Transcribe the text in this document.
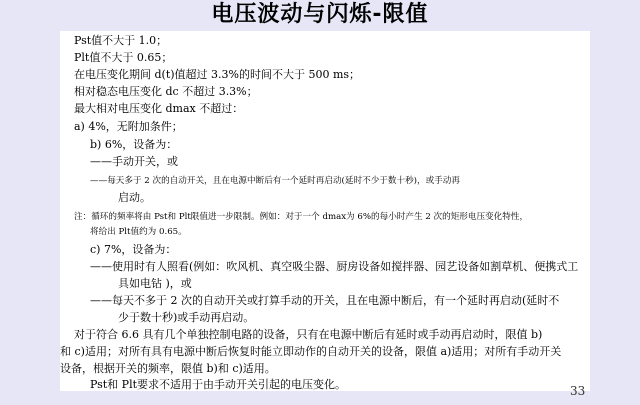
电压波动与闪烁-限值
Pst值不大于 1.0；
Plt值不大于 0.65；
在电压变化期间 d(t)值超过 3.3%的时间不大于 500 ms；
相对稳态电压变化 dc 不超过 3.3%；
最大相对电压变化 dmax 不超过：
a) 4%，无附加条件；
b) 6%，设备为：
——手动开关，或
——每天多于 2 次的自动开关，且在电源中断后有一个延时再启动(延时不少于数十秒)，或手动再
启动。
注：循环的频率将由 Pst和 Plt限值进一步限制。例如：对于一个 dmax为 6%的每小时产生 2 次的矩形电压变化特性，
将给出 Plt值约为 0.65。
c) 7%，设备为：
——使用时有人照看(例如：吹风机、真空吸尘器、厨房设备如搅拌器、园艺设备如割草机、便携式工
具如电钻 )，或
——每天不多于 2 次的自动开关或打算手动的开关，且在电源中断后，有一个延时再启动(延时不
少于数十秒)或手动再启动。
对于符合 6.6 具有几个单独控制电路的设备，只有在电源中断后有延时或手动再启动时，限值 b)
和 c)适用；对所有具有电源中断后恢复时能立即动作的自动开关的设备，限值 a)适用；对所有手动开关
设备，根据开关的频率，限值 b)和 c)适用。
Pst和 Plt要求不适用于由手动开关引起的电压变化。	33
